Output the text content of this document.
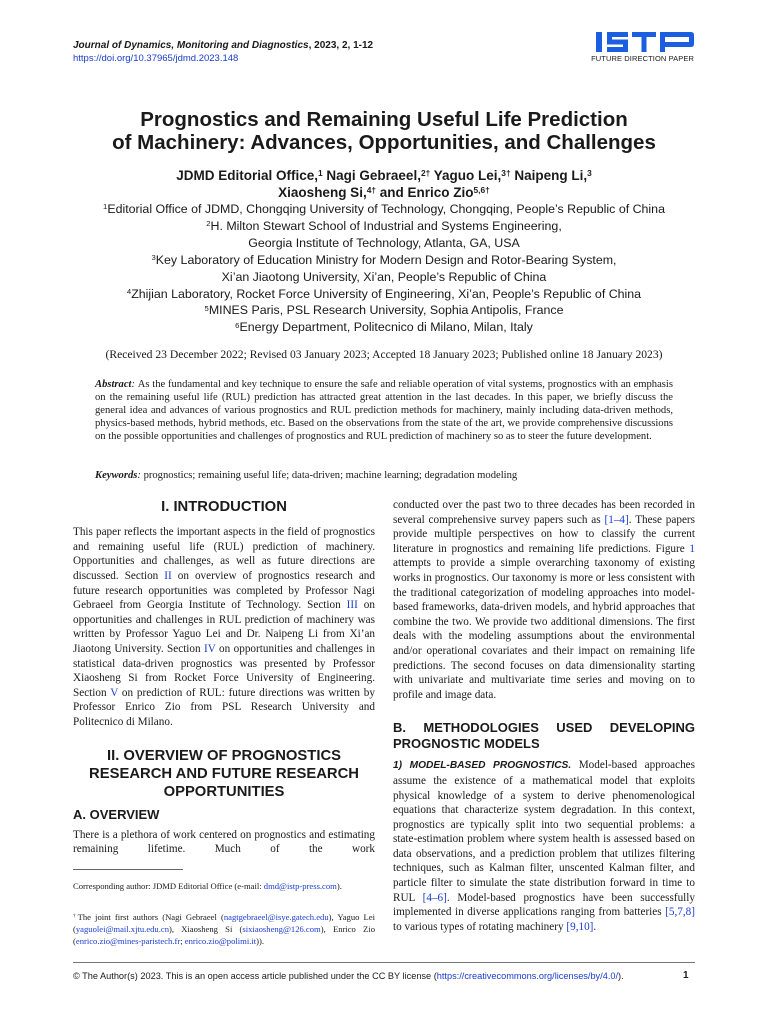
Journal of Dynamics, Monitoring and Diagnostics, 2023, 2, 1-12
https://doi.org/10.37965/jdmd.2023.148	FUTURE DIRECTION PAPER
Prognostics and Remaining Useful Life Prediction
of Machinery: Advances, Opportunities, and Challenges
JDMD Editorial Office,$^1$ Nagi Gebraeel,$^{2\dagger}$ Yaguo Lei,$^{3\dagger}$ Naipeng Li,$^3$
Xiaosheng Si,$^{4\dagger}$ and Enrico Zio$^{5,6\dagger}$
$^1$Editorial Office of JDMD, Chongqing University of Technology, Chongqing, People’s Republic of China
$^2$H. Milton Stewart School of Industrial and Systems Engineering,
Georgia Institute of Technology, Atlanta, GA, USA
$^3$Key Laboratory of Education Ministry for Modern Design and Rotor-Bearing System,
Xi’an Jiaotong University, Xi’an, People’s Republic of China
$^4$Zhijian Laboratory, Rocket Force University of Engineering, Xi’an, People’s Republic of China
$^5$MINES Paris, PSL Research University, Sophia Antipolis, France
$^6$Energy Department, Politecnico di Milano, Milan, Italy
(Received 23 December 2022; Revised 03 January 2023; Accepted 18 January 2023; Published online 18 January 2023)
Abstract: As the fundamental and key technique to ensure the safe and reliable operation of vital systems, prognostics with an emphasis on the remaining useful life (RUL) prediction has attracted great attention in the last decades. In this paper, we briefly discuss the general idea and advances of various prognostics and RUL prediction methods for machinery, mainly including data-driven methods, physics-based methods, hybrid methods, etc. Based on the observations from the state of the art, we provide comprehensive discussions on the possible opportunities and challenges of prognostics and RUL prediction of machinery so as to steer the future development.
Keywords: prognostics; remaining useful life; data-driven; machine learning; degradation modeling
I. INTRODUCTION

This paper reflects the important aspects in the field of prognostics and remaining useful life (RUL) prediction of machinery. Opportunities and challenges, as well as future directions are discussed. Section II on overview of prognostics research and future research opportunities was completed by Professor Nagi Gebraeel from Georgia Institute of Technology. Section III on opportunities and challenges in RUL prediction of machinery was written by Professor Yaguo Lei and Dr. Naipeng Li from Xi’an Jiaotong University. Section IV on opportunities and challenges in statistical data-driven prognostics was presented by Professor Xiaosheng Si from Rocket Force University of Engineering. Section V on prediction of RUL: future directions was written by Professor Enrico Zio from PSL Research University and Politecnico di Milano.

II. OVERVIEW OF PROGNOSTICS RESEARCH AND FUTURE RESEARCH OPPORTUNITIES
A. OVERVIEW

There is a plethora of work centered on prognostics and estimating remaining lifetime. Much of the work

conducted over the past two to three decades has been recorded in several comprehensive survey papers such as [1–4]. These papers provide multiple perspectives on how to classify the current literature in prognostics and remaining life predictions. Figure 1 attempts to provide a simple overarching taxonomy of existing works in prognostics. Our taxonomy is more or less consistent with the traditional categorization of modeling approaches into model-based frameworks, data-driven models, and hybrid approaches that combine the two. We provide two additional dimensions. The first deals with the modeling assumptions about the environmental and/or operational covariates and their impact on remaining life predictions. The second focuses on data dimensionality starting with univariate and multivariate time series and moving on to profile and image data.

B. METHODOLOGIES USED DEVELOPING PROGNOSTIC MODELS

1) MODEL-BASED PROGNOSTICS. Model-based approaches assume the existence of a mathematical model that exploits physical knowledge of a system to derive phenomenological equations that characterize system degradation. In this context, prognostics are typically split into two sequential problems: a state-estimation problem where system health is assessed based on data observations, and a prediction problem that utilizes filtering techniques, such as Kalman filter, unscented Kalman filter, and particle filter to simulate the state distribution forward in time to RUL [4–6]. Model-based prognostics have been successfully implemented in diverse applications ranging from batteries [5,7,8] to various types of rotating machinery [9,10].

Corresponding author: JDMD Editorial Office (e-mail: dmd@istp-press.com).
†The joint first authors (Nagi Gebraeel (nagtgebraeel@isye.gatech.edu), Yaguo Lei (yaguolei@mail.xjtu.edu.cn), Xiaosheng Si (sixiaosheng@126.com), Enrico Zio (enrico.zio@mines-paristech.fr; enrico.zio@polimi.it)).
© The Author(s) 2023. This is an open access article published under the CC BY license (https://creativecommons.org/licenses/by/4.0/).	1
